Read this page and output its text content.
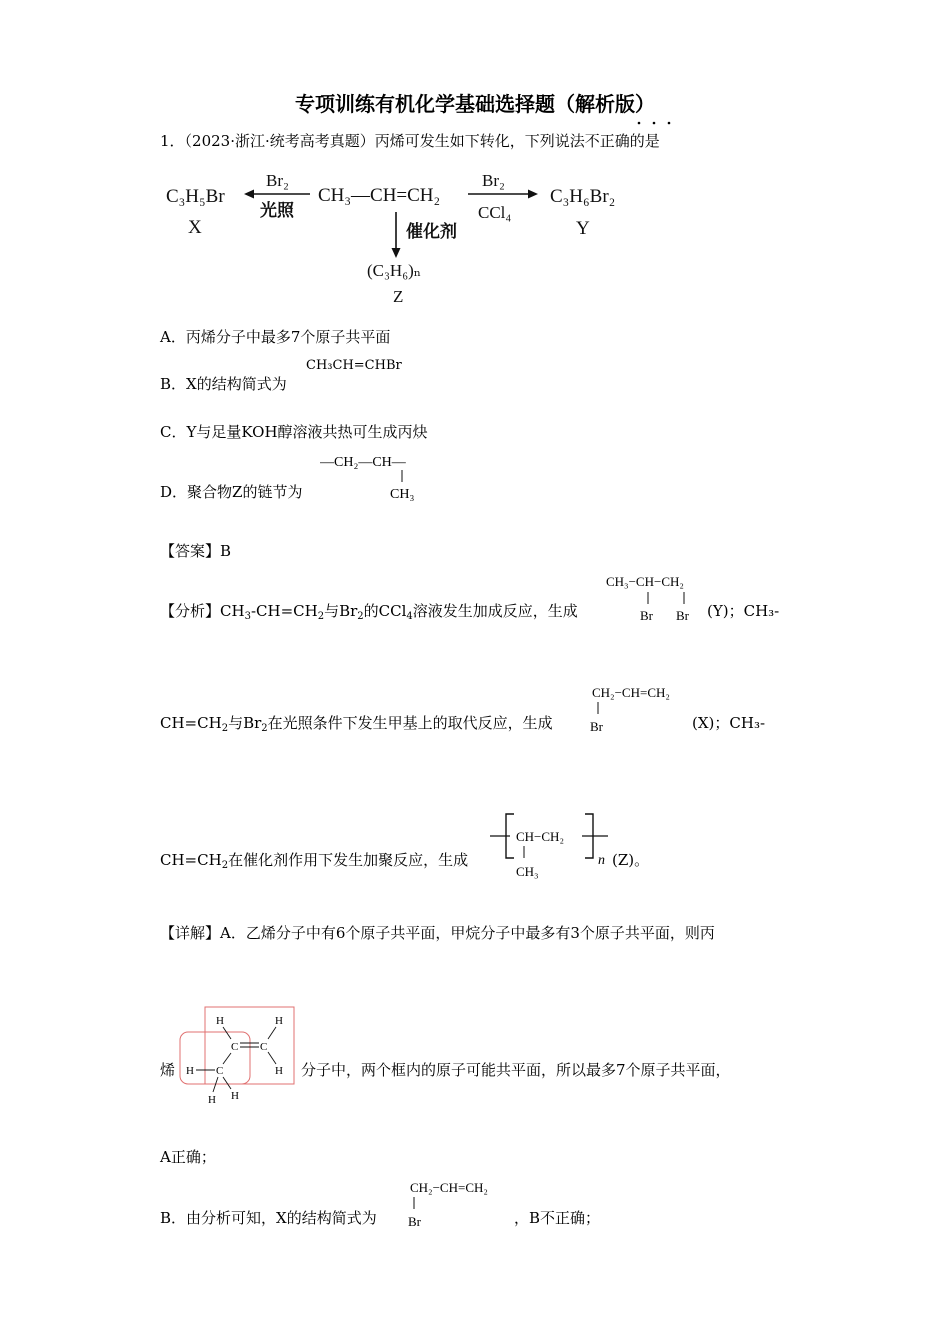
专项训练有机化学基础选择题（解析版）
1．（2023·浙江·统考高考真题）丙烯可发生如下转化，下列说法不正确的是
C₃H₅Br
X
Br₂
光照
CH₃—CH=CH₂
Br₂
CCl₄
C₃H₆Br₂
Y
催化剂
(C₃H₆)ₙ
Z
A．丙烯分子中最多7个原子共平面
B．X的结构简式为
CH₃CH=CHBr
C．Y与足量KOH醇溶液共热可生成丙炔
D．聚合物Z的链节为
—CH₂—CH—
CH₃
【答案】B
【分析】$CH_3-CH=CH_2$与$Br_2$的CCl$_4$溶液发生加成反应，生成
CH₃−CH−CH₂
Br Br (Y)；CH₃-
$CH=CH_2$与$Br_2$在光照条件下发生甲基上的取代反应，生成
CH₂−CH=CH₂
Br	(X)；CH₃-
$CH=CH_2$在催化剂作用下发生加聚反应，生成
CH−CH₂
CH₃
n (Z)。
【详解】A．乙烯分子中有6个原子共平面，甲烷分子中最多有3个原子共平面，则丙
烯
H	H
C C
H
H C
H H
分子中，两个框内的原子可能共平面，所以最多7个原子共平面，
A正确；
B．由分析可知，X的结构简式为
CH₂−CH=CH₂
Br	，B不正确；
